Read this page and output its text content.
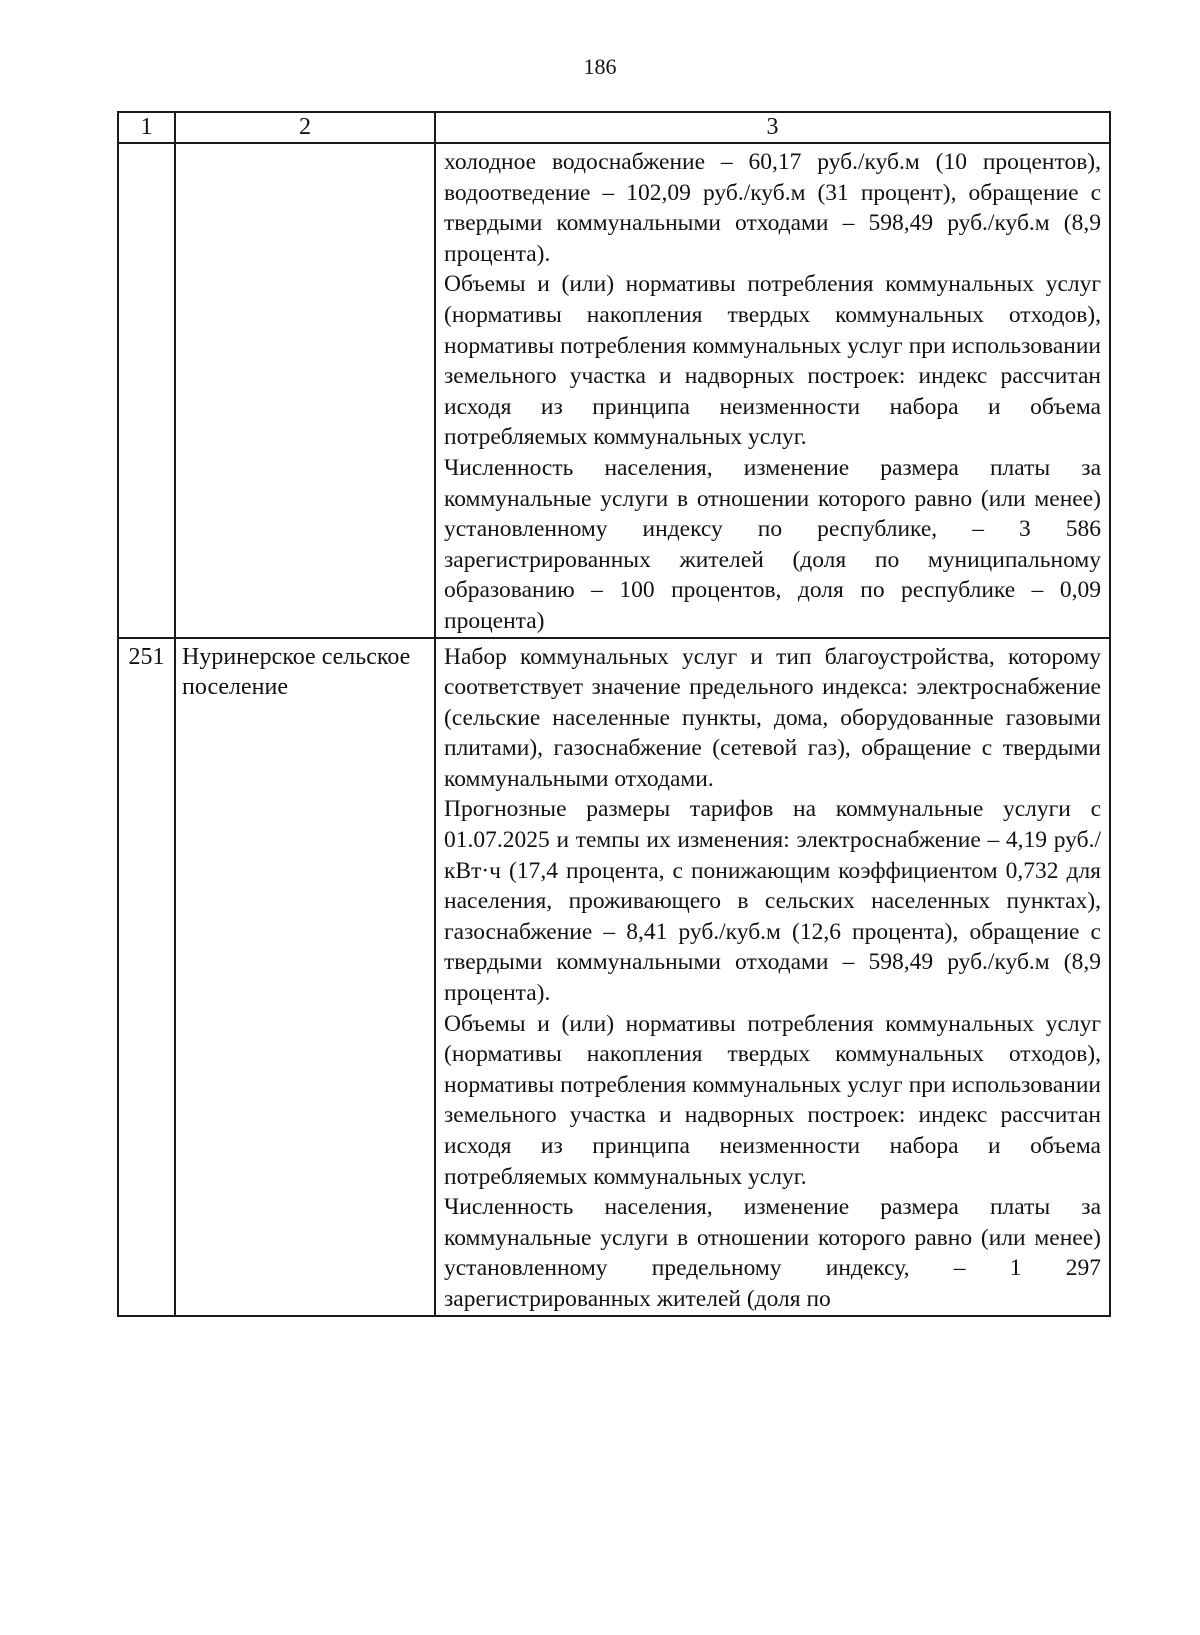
186
1	2	3

		холодное водоснабжение – 60,17 руб./куб.м (10 процентов), водоотведение – 102,09 руб./куб.м (31 процент), обращение с твердыми коммунальными отходами – 598,49 руб./куб.м (8,9 процента).

Объемы и (или) нормативы потребления коммунальных услуг (нормативы накопления твердых коммунальных отходов), нормативы потребления коммунальных услуг при использовании земельного участка и надворных построек: индекс рассчитан исходя из принципа неизменности набора и объема потребляемых коммунальных услуг.

Численность населения, изменение размера платы за коммунальные услуги в отношении которого равно (или менее) установленному индексу по республике, – 3 586 зарегистрированных жителей (доля по муниципальному образованию – 100 процентов, доля по республике – 0,09 процента)

251	Нуринерское сельское поселение	Набор коммунальных услуг и тип благоустройства, которому соответствует значение предельного индекса: электроснабжение (сельские населенные пункты, дома, оборудованные газовыми плитами), газоснабжение (сетевой газ), обращение с твердыми коммунальными отходами.

Прогнозные размеры тарифов на коммунальные услуги с 01.07.2025 и темпы их изменения: электроснабжение – 4,19 руб./кВт·ч (17,4 процента, с понижающим коэффициентом 0,732 для населения, проживающего в сельских населенных пунктах), газоснабжение – 8,41 руб./куб.м (12,6 процента), обращение с твердыми коммунальными отходами – 598,49 руб./куб.м (8,9 процента).

Объемы и (или) нормативы потребления коммунальных услуг (нормативы накопления твердых коммунальных отходов), нормативы потребления коммунальных услуг при использовании земельного участка и надворных построек: индекс рассчитан исходя из принципа неизменности набора и объема потребляемых коммунальных услуг.

Численность населения, изменение размера платы за коммунальные услуги в отношении которого равно (или менее) установленному предельному индексу, – 1 297 зарегистрированных жителей (доля по
